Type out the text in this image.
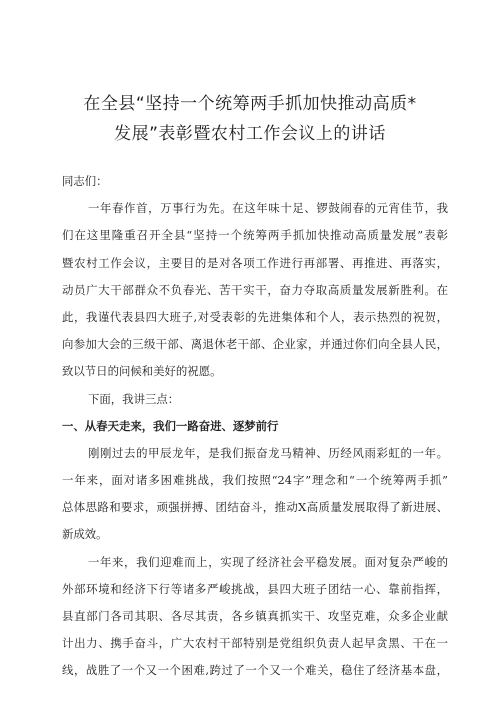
在全县“坚持一个统筹两手抓加快推动高质*
发展”表彰暨农村工作会议上的讲话
同志们：
一年春作首，万事行为先。在这年味十足、锣鼓闹春的元宵佳节，我
们在这里隆重召开全县“坚持一个统筹两手抓加快推动高质量发展”表彰
暨农村工作会议，主要目的是对各项工作进行再部署、再推进、再落实，
动员广大干部群众不负春光、苦干实干，奋力夺取高质量发展新胜利。在
此，我谨代表县四大班子,对受表彰的先进集体和个人，表示热烈的祝贺，
向参加大会的三级干部、离退休老干部、企业家，并通过你们向全县人民，
致以节日的问候和美好的祝愿。
下面，我讲三点：
一、从春天走来，我们一路奋进、逐梦前行
刚刚过去的甲辰龙年，是我们振奋龙马精神、历经风雨彩虹的一年。
一年来，面对诸多困难挑战，我们按照“24字”理念和“一个统筹两手抓”
总体思路和要求，顽强拼搏、团结奋斗，推动X高质量发展取得了新进展、
新成效。
一年来，我们迎难而上，实现了经济社会平稳发展。面对复杂严峻的
外部环境和经济下行等诸多严峻挑战，县四大班子团结一心、靠前指挥，
县直部门各司其职、各尽其责，各乡镇真抓实干、攻坚克难，众多企业献
计出力、携手奋斗，广大农村干部特别是党组织负责人起早贪黑、干在一
线，战胜了一个又一个困难,跨过了一个又一个难关，稳住了经济基本盘，
